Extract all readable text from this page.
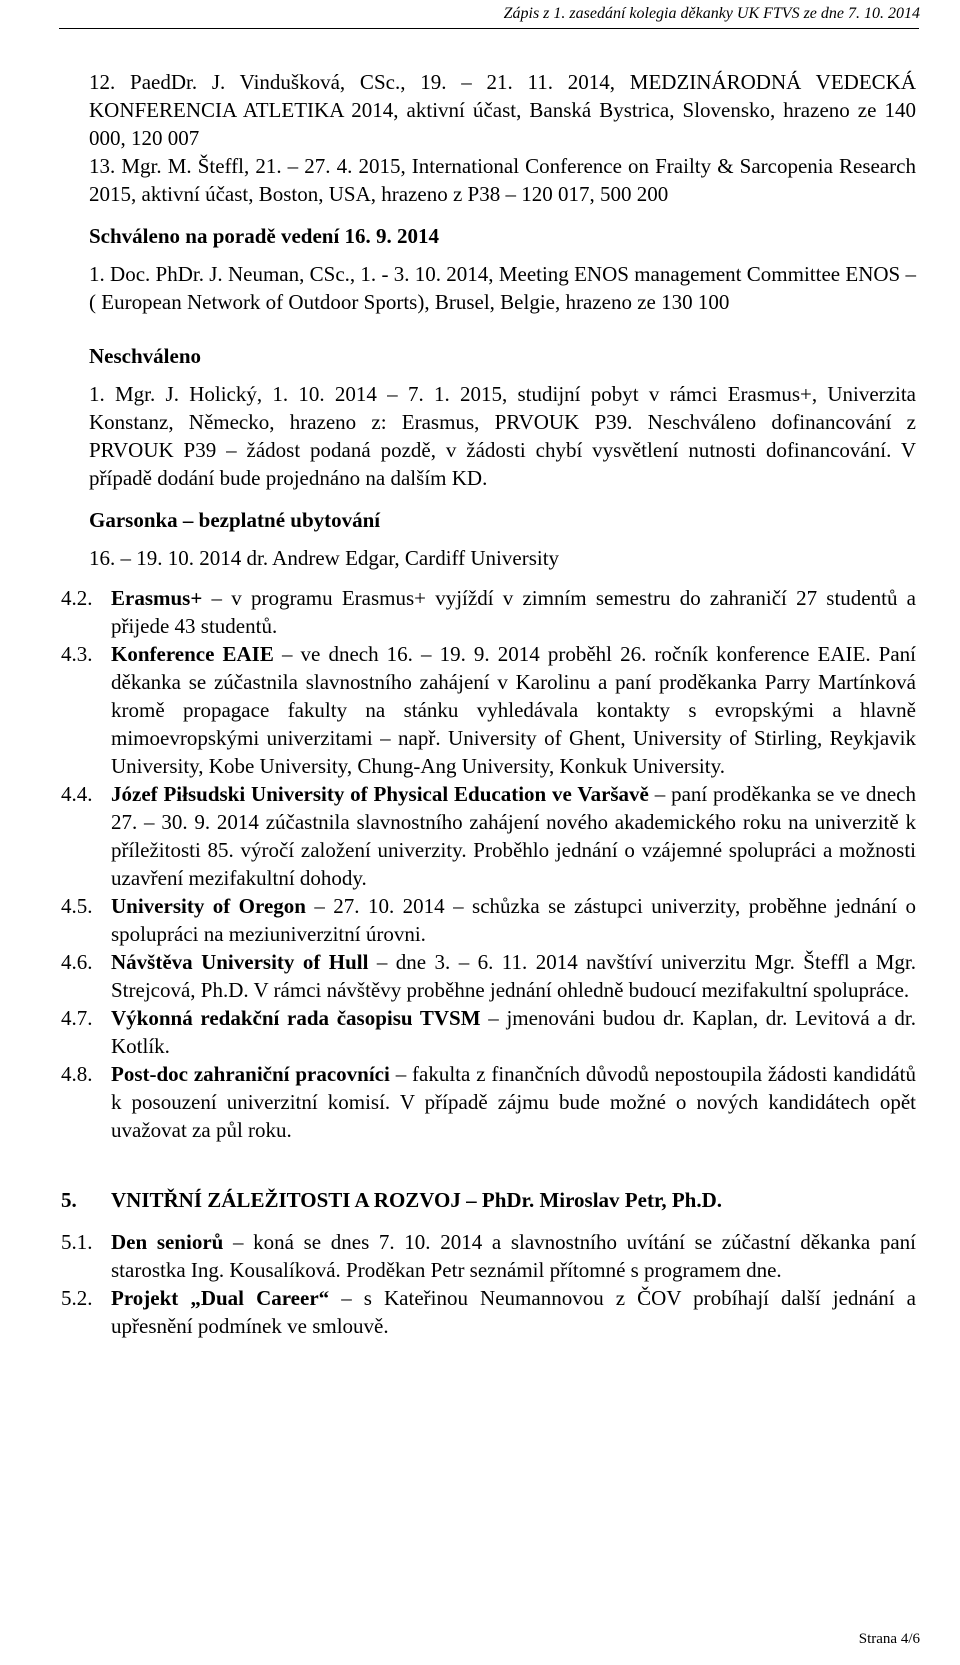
Zápis z 1. zasedání kolegia děkanky UK FTVS ze dne 7. 10. 2014

12. PaedDr. J. Vindušková, CSc., 19. – 21. 11. 2014, MEDZINÁRODNÁ VEDECKÁ KONFERENCIA ATLETIKA 2014, aktivní účast, Banská Bystrica, Slovensko, hrazeno ze 140 000, 120 007

13. Mgr. M. Šteffl, 21. – 27. 4. 2015, International Conference on Frailty & Sarcopenia Research 2015, aktivní účast, Boston, USA, hrazeno z P38 – 120 017, 500 200

Schváleno na poradě vedení 16. 9. 2014

1. Doc. PhDr. J. Neuman, CSc., 1. - 3. 10. 2014, Meeting ENOS management Committee ENOS – ( European Network of Outdoor Sports), Brusel, Belgie, hrazeno ze 130 100

Neschváleno

1. Mgr. J. Holický, 1. 10. 2014 – 7. 1. 2015, studijní pobyt v rámci Erasmus+, Univerzita Konstanz, Německo, hrazeno z: Erasmus, PRVOUK P39. Neschváleno dofinancování z PRVOUK P39 – žádost podaná pozdě, v žádosti chybí vysvětlení nutnosti dofinancování. V případě dodání bude projednáno na dalším KD.

Garsonka – bezplatné ubytování

16. – 19. 10. 2014 dr. Andrew Edgar, Cardiff University

4.2. Erasmus+ – v programu Erasmus+ vyjíždí v zimním semestru do zahraničí 27 studentů a přijede 43 studentů.
4.3. Konference EAIE – ve dnech 16. – 19. 9. 2014 proběhl 26. ročník konference EAIE. Paní děkanka se zúčastnila slavnostního zahájení v Karolinu a paní proděkanka Parry Martínková kromě propagace fakulty na stánku vyhledávala kontakty s evropskými a hlavně mimoevropskými univerzitami – např. University of Ghent, University of Stirling, Reykjavik University, Kobe University, Chung-Ang University, Konkuk University.
4.4. Józef Piłsudski University of Physical Education ve Varšavě – paní proděkanka se ve dnech 27. – 30. 9. 2014 zúčastnila slavnostního zahájení nového akademického roku na univerzitě k příležitosti 85. výročí založení univerzity. Proběhlo jednání o vzájemné spolupráci a možnosti uzavření mezifakultní dohody.
4.5. University of Oregon – 27. 10. 2014 – schůzka se zástupci univerzity, proběhne jednání o spolupráci na meziuniverzitní úrovni.
4.6. Návštěva University of Hull – dne 3. – 6. 11. 2014 navštíví univerzitu Mgr. Šteffl a Mgr. Strejcová, Ph.D. V rámci návštěvy proběhne jednání ohledně budoucí mezifakultní spolupráce.
4.7. Výkonná redakční rada časopisu TVSM – jmenováni budou dr. Kaplan, dr. Levitová a dr. Kotlík.
4.8. Post-doc zahraniční pracovníci – fakulta z finančních důvodů nepostoupila žádosti kandidátů k posouzení univerzitní komisí. V případě zájmu bude možné o nových kandidátech opět uvažovat za půl roku.
5.	VNITŘNÍ ZÁLEŽITOSTI A ROZVOJ – PhDr. Miroslav Petr, Ph.D.
5.1. Den seniorů – koná se dnes 7. 10. 2014 a slavnostního uvítání se zúčastní děkanka paní starostka Ing. Kousalíková. Proděkan Petr seznámil přítomné s programem dne.
5.2. Projekt „Dual Career“ – s Kateřinou Neumannovou z ČOV probíhají další jednání a upřesnění podmínek ve smlouvě.
Strana 4/6
